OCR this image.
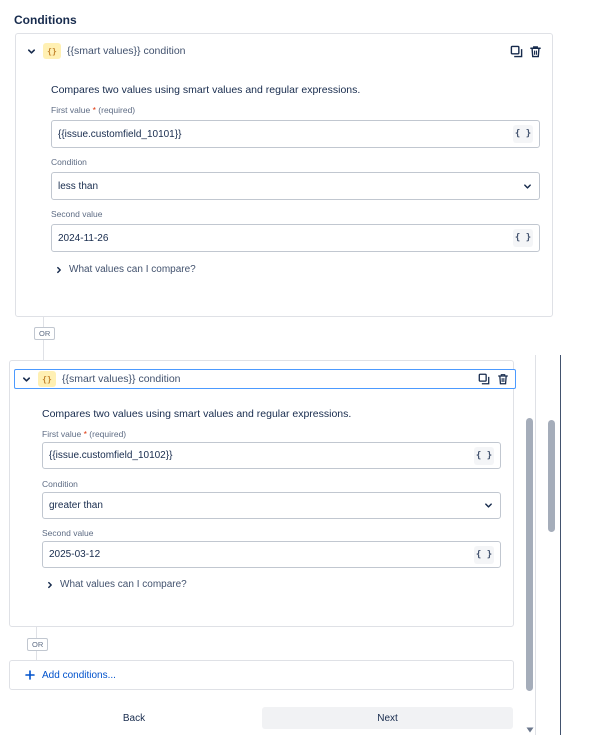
Conditions
{} {{smart values}} condition

Compares two values using smart values and regular expressions.

First value * (required)

{{issue.customfield_10101}}	{ }

Condition

less than

Second value

2024-11-26	{ }
What values can I compare?
OR
{} {{smart values}} condition

Compares two values using smart values and regular expressions.

First value * (required)

{{issue.customfield_10102}}	{ }

Condition

greater than

Second value

2025-03-12	{ }
What values can I compare?
OR
Add conditions...
Back	Next
